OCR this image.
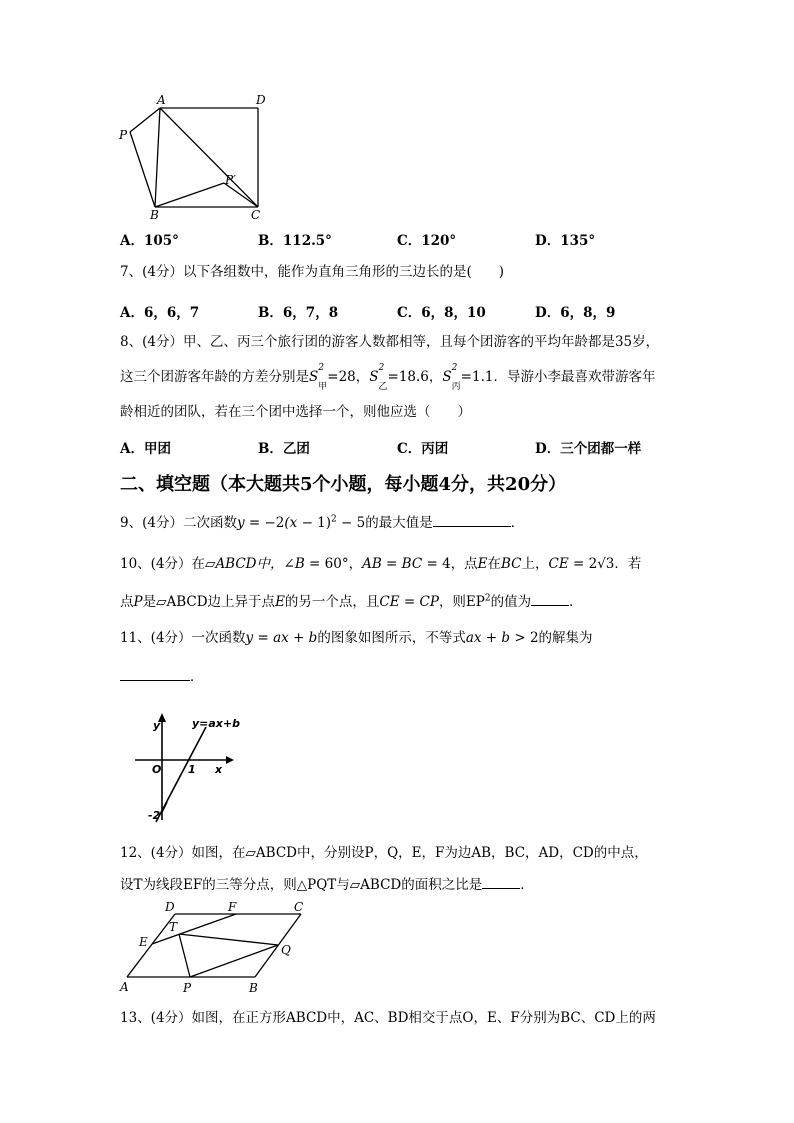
A	D
P
P′
B	C
A．105°	B．112.5°	C．120°	D．135°
7、(4分）以下各组数中，能作为直角三角形的三边长的是(　　)
A．6，6，7	B．6，7，8	C．6，8，10	D．6，8，9
8、(4分）甲、乙、丙三个旅行团的游客人数都相等，且每个团游客的平均年龄都是35岁，
这三个团游客年龄的方差分别是S
2
$_甲$=28，S
2
$_乙$=18.6，S
2
$_丙$=1.1．导游小李最喜欢带游客年
龄相近的团队，若在三个团中选择一个，则他应选（　　）
A．甲团	B．乙团	C．丙团	D．三个团都一样
二、填空题（本大题共5个小题，每小题4分，共20分）
9、(4分）二次函数$y = -2(x - 1)^2 - 5$的最大值是	．
10、(4分）在▱ABCD中，∠B = 60°，AB = BC = 4，点E在BC上，CE = 2√3．若
点P是▱ABCD边上异于点E的另一个点，且CE = CP，则$EP^2$的值为	．
11、(4分）一次函数y = ax + b的图象如图所示，不等式ax + b > 2的解集为
．
y	y=ax+b
O 1 x
-2
12、(4分）如图，在▱ABCD中，分别设P，Q，E，F为边AB，BC，AD，CD的中点，
设T为线段EF的三等分点，则△PQT与▱ABCD的面积之比是	．
D	F	C
T
E
Q
A	P	B
13、(4分）如图，在正方形ABCD中，AC、BD相交于点O，E、F分别为BC、CD上的两
